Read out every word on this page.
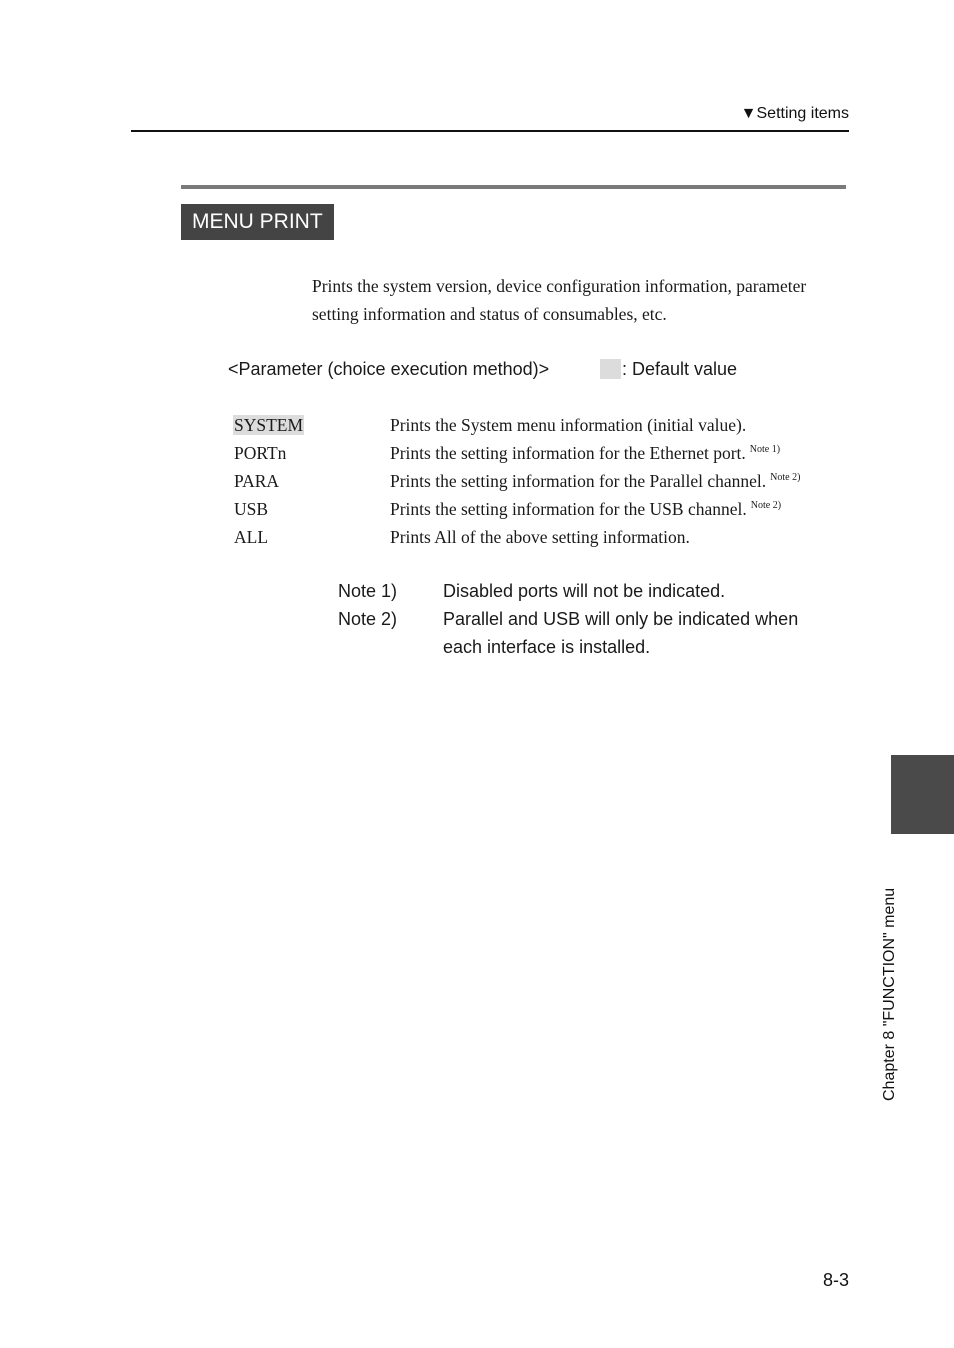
▼Setting items
MENU PRINT

Prints the system version, device configuration information, parameter setting information and status of consumables, etc.

<Parameter (choice execution method)>	: Default value
SYSTEM	Prints the System menu information (initial value).
PORTn	Prints the setting information for the Ethernet port. $^{Note 1)}$
PARA	Prints the setting information for the Parallel channel. $^{Note 2)}$
USB	Prints the setting information for the USB channel. $^{Note 2)}$
ALL	Prints All of the above setting information.
Note 1)	Disabled ports will not be indicated.
Note 2)	Parallel and USB will only be indicated when each interface is installed.
Chapter 8 "FUNCTION" menu
8-3
